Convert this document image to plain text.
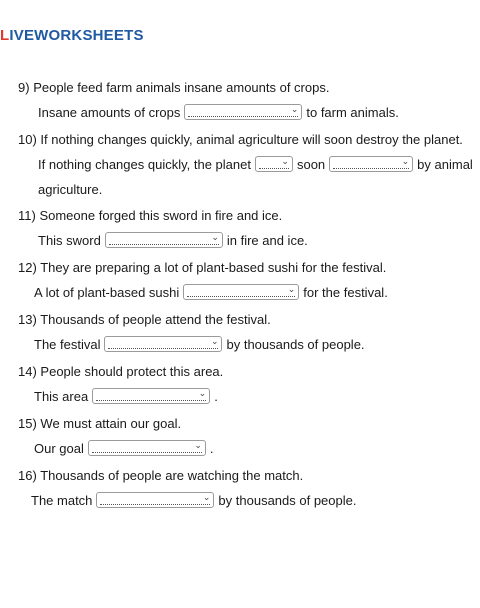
LIVEWORKSHEETS
9) People feed farm animals insane amounts of crops.
Insane amounts of crops	⌄ to farm animals.
10) If nothing changes quickly, animal agriculture will soon destroy the planet.
If nothing changes quickly, the planet	⌄ soon	⌄ by animal
agriculture.
11) Someone forged this sword in fire and ice.
This sword	⌄ in fire and ice.
12) They are preparing a lot of plant-based sushi for the festival.
A lot of plant-based sushi	⌄ for the festival.
13) Thousands of people attend the festival.
The festival	⌄ by thousands of people.
14) People should protect this area.
This area	⌄ .
15) We must attain our goal.
Our goal	⌄ .
16) Thousands of people are watching the match.
The match	⌄ by thousands of people.
